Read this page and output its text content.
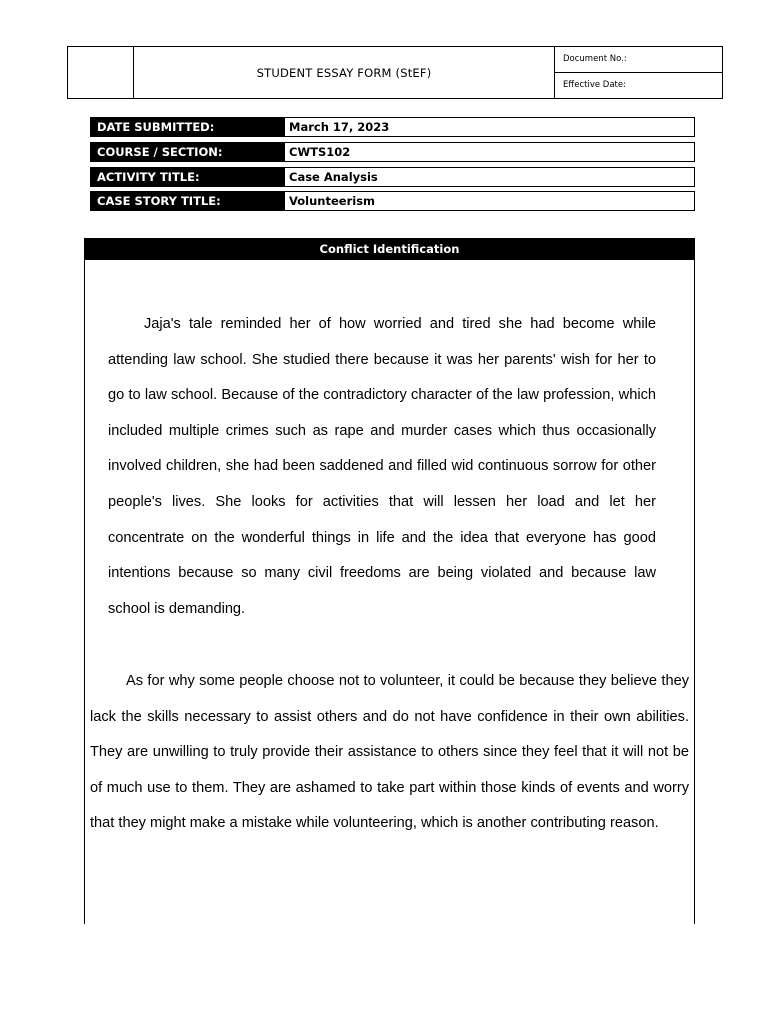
STUDENT ESSAY FORM (StEF)
Document No.:
Effective Date:
DATE SUBMITTED:	March 17, 2023
COURSE / SECTION:	CWTS102
ACTIVITY TITLE:	Case Analysis
CASE STORY TITLE:	Volunteerism
Conflict Identification

Jaja's tale reminded her of how worried and tired she had become while attending law school. She studied there because it was her parents' wish for her to go to law school. Because of the contradictory character of the law profession, which included multiple crimes such as rape and murder cases which thus occasionally involved children, she had been saddened and filled wid continuous sorrow for other people's lives. She looks for activities that will lessen her load and let her concentrate on the wonderful things in life and the idea that everyone has good intentions because so many civil freedoms are being violated and because law school is demanding.

As for why some people choose not to volunteer, it could be because they believe they lack the skills necessary to assist others and do not have confidence in their own abilities. They are unwilling to truly provide their assistance to others since they feel that it will not be of much use to them. They are ashamed to take part within those kinds of events and worry that they might make a mistake while volunteering, which is another contributing reason.
